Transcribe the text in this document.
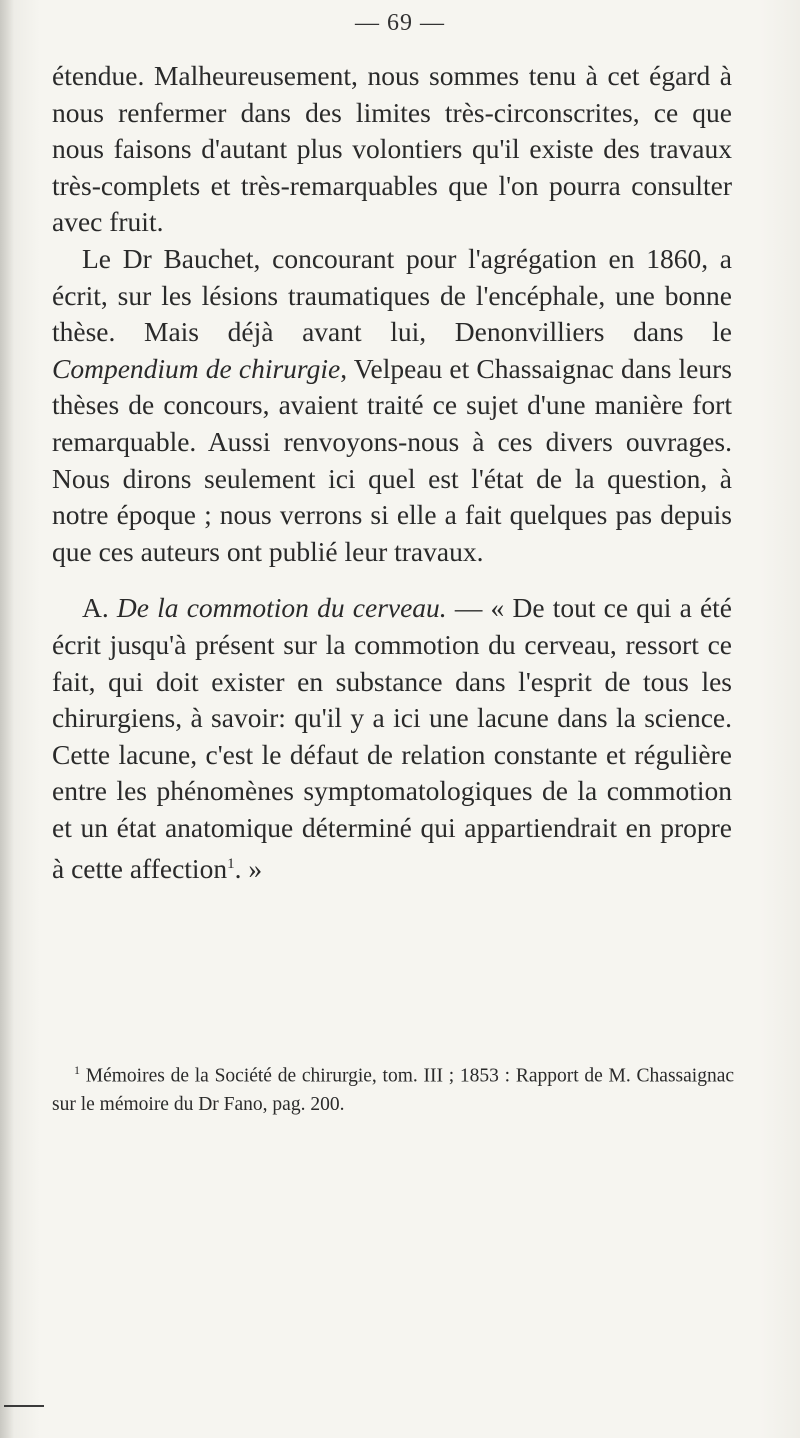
— 69 —

étendue. Malheureusement, nous sommes tenu à cet égard à nous renfermer dans des limites très-circonscrites, ce que nous faisons d'autant plus volontiers qu'il existe des travaux très-complets et très-remarquables que l'on pourra consulter avec fruit.

Le Dr Bauchet, concourant pour l'agrégation en 1860, a écrit, sur les lésions traumatiques de l'encéphale, une bonne thèse. Mais déjà avant lui, Denonvilliers dans le Compendium de chirurgie, Velpeau et Chassaignac dans leurs thèses de concours, avaient traité ce sujet d'une manière fort remarquable. Aussi renvoyons-nous à ces divers ouvrages. Nous dirons seulement ici quel est l'état de la question, à notre époque ; nous verrons si elle a fait quelques pas depuis que ces auteurs ont publié leur travaux.

A. De la commotion du cerveau. — « De tout ce qui a été écrit jusqu'à présent sur la commotion du cerveau, ressort ce fait, qui doit exister en substance dans l'esprit de tous les chirurgiens, à savoir: qu'il y a ici une lacune dans la science. Cette lacune, c'est le défaut de relation constante et régulière entre les phénomènes symptomatologiques de la commotion et un état anatomique déterminé qui appartiendrait en propre à cette affection$^1$. »

$^1$ Mémoires de la Société de chirurgie, tom. III ; 1853 : Rapport de M. Chassaignac sur le mémoire du Dr Fano, pag. 200.
